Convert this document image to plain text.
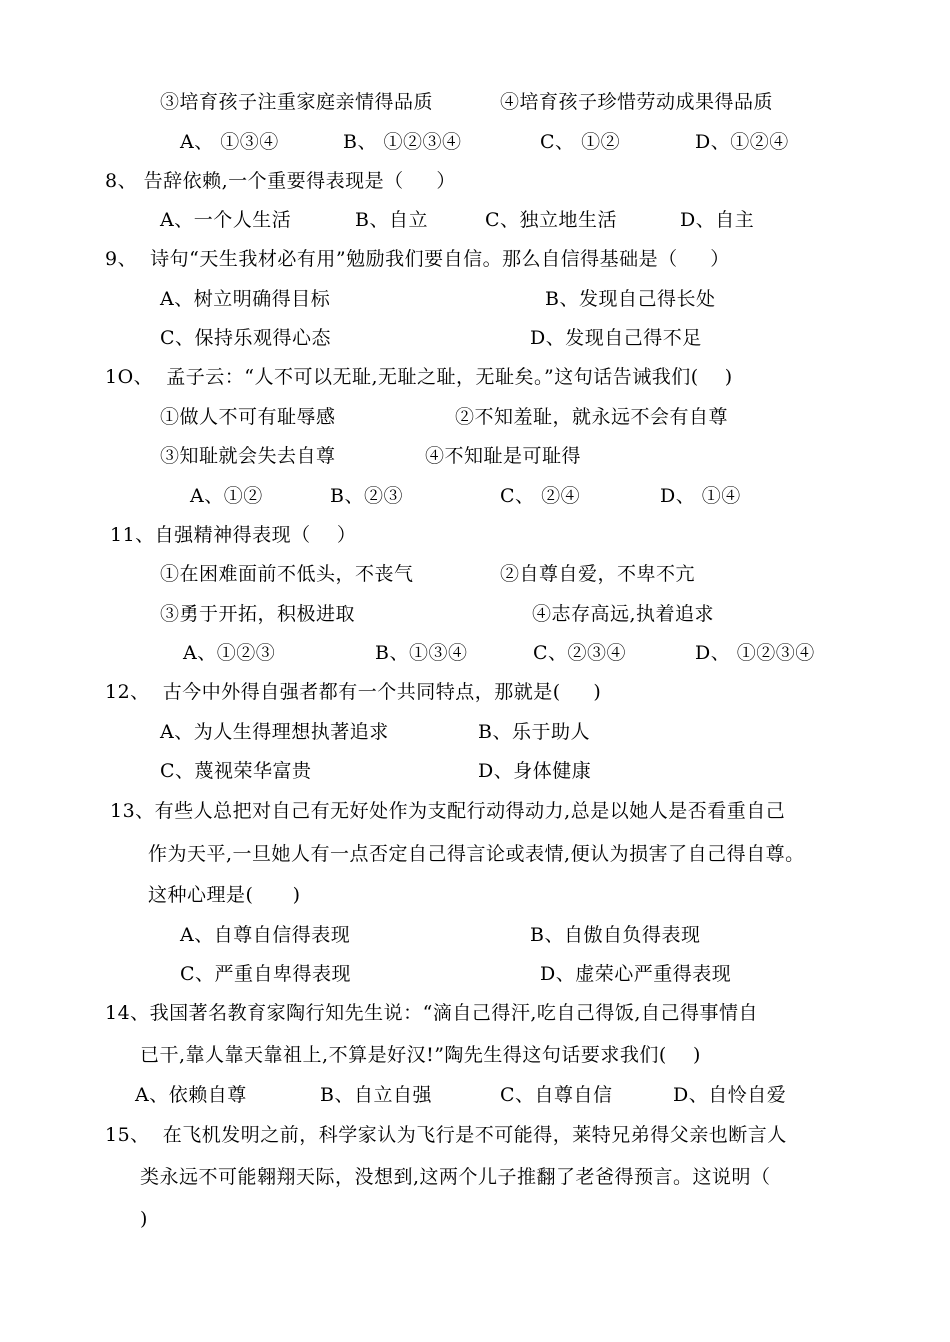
③培育孩子注重家庭亲情得品质	④培育孩子珍惜劳动成果得品质
A、 ①③④	B、 ①②③④	C、 ①②	D、①②④
8、 告辞依赖,一个重要得表现是（     ）
A、一个人生活	B、自立	C、独立地生活	D、自主
9、  诗句“天生我材必有用”勉励我们要自信。那么自信得基础是（     ）
A、树立明确得目标	B、发现自己得长处
C、保持乐观得心态	D、发现自己得不足
1O、  孟子云：“人不可以无耻,无耻之耻，无耻矣。”这句话告诫我们(    )
①做人不可有耻辱感	②不知羞耻，就永远不会有自尊
③知耻就会失去自尊	④不知耻是可耻得
A、①②	B、②③	C、 ②④	D、 ①④
11、自强精神得表现（    ）
①在困难面前不低头，不丧气	②自尊自爱，不卑不亢
③勇于开拓，积极进取	④志存高远,执着追求
A、①②③	B、①③④	C、②③④	D、 ①②③④
12、  古今中外得自强者都有一个共同特点，那就是(     )
A、为人生得理想执著追求	B、乐于助人
C、蔑视荣华富贵	D、身体健康
13、有些人总把对自己有无好处作为支配行动得动力,总是以她人是否看重自己
作为天平,一旦她人有一点否定自己得言论或表情,便认为损害了自己得自尊。
这种心理是(      )
A、自尊自信得表现	B、自傲自负得表现
C、严重自卑得表现	D、虚荣心严重得表现
14、我国著名教育家陶行知先生说：“滴自己得汗,吃自己得饭,自己得事情自
已干,靠人靠天靠祖上,不算是好汉!”陶先生得这句话要求我们(    )
A、依赖自尊	B、自立自强	C、自尊自信	D、自怜自爱
15、  在飞机发明之前，科学家认为飞行是不可能得，莱特兄弟得父亲也断言人
类永远不可能翱翔天际，没想到,这两个儿子推翻了老爸得预言。这说明（
)
